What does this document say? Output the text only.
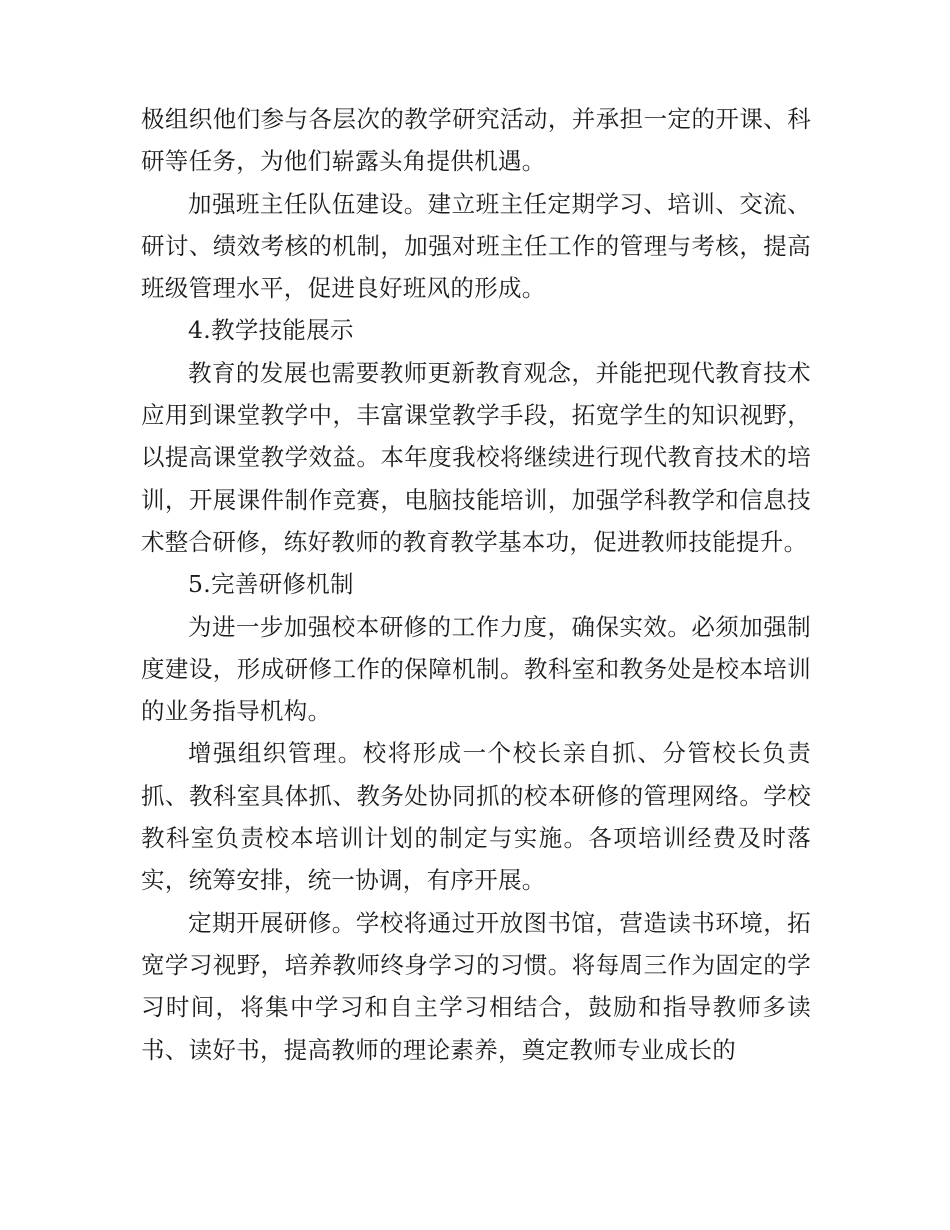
极组织他们参与各层次的教学研究活动，并承担一定的开课、科研等任务，为他们崭露头角提供机遇。

加强班主任队伍建设。建立班主任定期学习、培训、交流、研讨、绩效考核的机制，加强对班主任工作的管理与考核，提高班级管理水平，促进良好班风的形成。

4.教学技能展示

教育的发展也需要教师更新教育观念，并能把现代教育技术应用到课堂教学中，丰富课堂教学手段，拓宽学生的知识视野，以提高课堂教学效益。本年度我校将继续进行现代教育技术的培训，开展课件制作竞赛，电脑技能培训，加强学科教学和信息技术整合研修，练好教师的教育教学基本功，促进教师技能提升。

5.完善研修机制

为进一步加强校本研修的工作力度，确保实效。必须加强制度建设，形成研修工作的保障机制。教科室和教务处是校本培训的业务指导机构。

增强组织管理。校将形成一个校长亲自抓、分管校长负责抓、教科室具体抓、教务处协同抓的校本研修的管理网络。学校教科室负责校本培训计划的制定与实施。各项培训经费及时落实，统筹安排，统一协调，有序开展。

定期开展研修。学校将通过开放图书馆，营造读书环境，拓宽学习视野，培养教师终身学习的习惯。将每周三作为固定的学习时间，将集中学习和自主学习相结合，鼓励和指导教师多读书、读好书，提高教师的理论素养，奠定教师专业成长的
